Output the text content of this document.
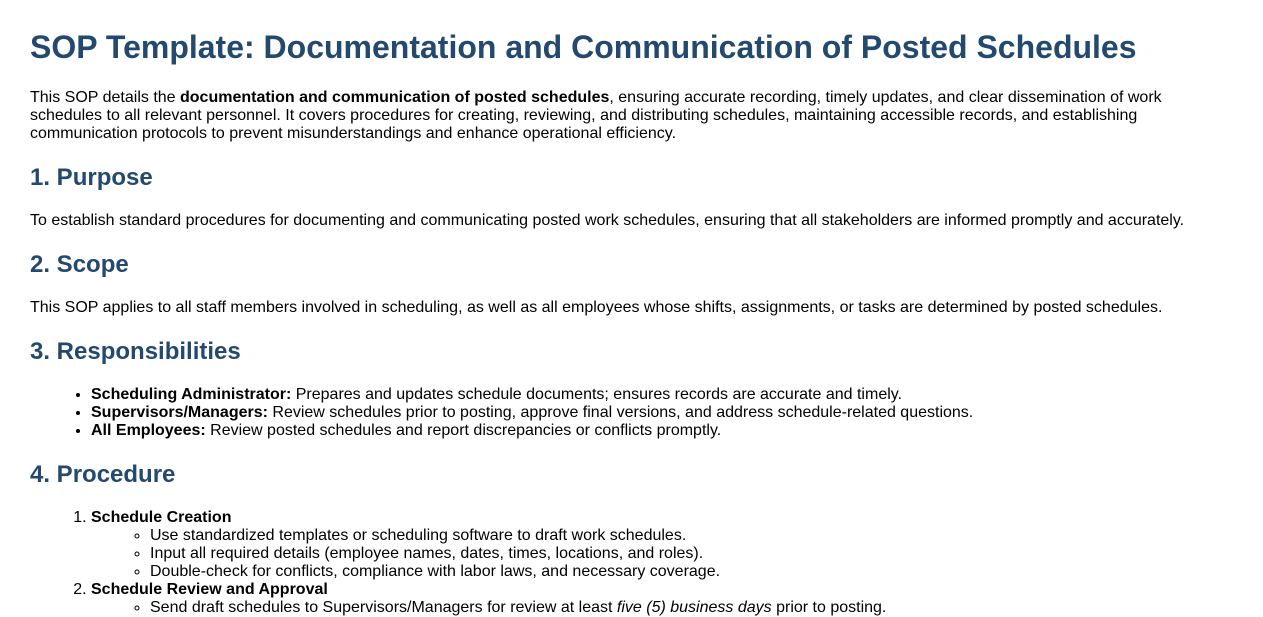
SOP Template: Documentation and Communication of Posted Schedules

This SOP details the documentation and communication of posted schedules, ensuring accurate recording, timely updates, and clear dissemination of work schedules to all relevant personnel. It covers procedures for creating, reviewing, and distributing schedules, maintaining accessible records, and establishing communication protocols to prevent misunderstandings and enhance operational efficiency.

1. Purpose

To establish standard procedures for documenting and communicating posted work schedules, ensuring that all stakeholders are informed promptly and accurately.

2. Scope

This SOP applies to all staff members involved in scheduling, as well as all employees whose shifts, assignments, or tasks are determined by posted schedules.

3. Responsibilities
• Scheduling Administrator: Prepares and updates schedule documents; ensures records are accurate and timely.
• Supervisors/Managers: Review schedules prior to posting, approve final versions, and address schedule-related questions.
• All Employees: Review posted schedules and report discrepancies or conflicts promptly.
4. Procedure
1. Schedule Creation
◦ Use standardized templates or scheduling software to draft work schedules.
◦ Input all required details (employee names, dates, times, locations, and roles).
◦ Double-check for conflicts, compliance with labor laws, and necessary coverage.
2. Schedule Review and Approval
◦ Send draft schedules to Supervisors/Managers for review at least five (5) business days prior to posting.
